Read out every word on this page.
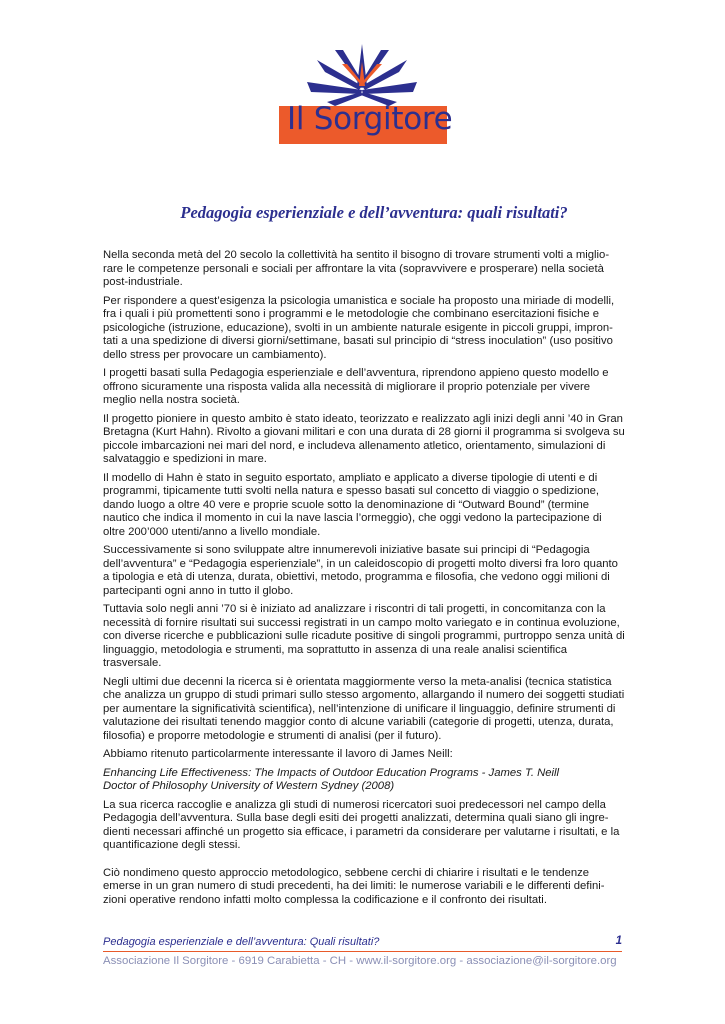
Il Sorgitore
Pedagogia esperienziale e dell’avventura: quali risultati?

Nella seconda metà del 20 secolo la collettività ha sentito il bisogno di trovare strumenti volti a miglio-rare le competenze personali e sociali per affrontare la vita (sopravvivere e prosperare) nella società post-industriale.

Per rispondere a quest’esigenza la psicologia umanistica e sociale ha proposto una miriade di modelli, fra i quali i più promettenti sono i programmi e le metodologie che combinano esercitazioni fisiche e psicologiche (istruzione, educazione), svolti in un ambiente naturale esigente in piccoli gruppi, impron-tati a una spedizione di diversi giorni/settimane, basati sul principio di “stress inoculation” (uso positivo dello stress per provocare un cambiamento).

I progetti basati sulla Pedagogia esperienziale e dell’avventura, riprendono appieno questo modello e offrono sicuramente una risposta valida alla necessità di migliorare il proprio potenziale per vivere meglio nella nostra società.

Il progetto pioniere in questo ambito è stato ideato, teorizzato e realizzato agli inizi degli anni ’40 in Gran Bretagna (Kurt Hahn). Rivolto a giovani militari e con una durata di 28 giorni il programma si svolgeva su piccole imbarcazioni nei mari del nord, e includeva allenamento atletico, orientamento, simulazioni di salvataggio e spedizioni in mare.

Il modello di Hahn è stato in seguito esportato, ampliato e applicato a diverse tipologie di utenti e di programmi, tipicamente tutti svolti nella natura e spesso basati sul concetto di viaggio o spedizione, dando luogo a oltre 40 vere e proprie scuole sotto la denominazione di “Outward Bound” (termine nautico che indica il momento in cui la nave lascia l’ormeggio), che oggi vedono la partecipazione di oltre 200’000 utenti/anno a livello mondiale.

Successivamente si sono sviluppate altre innumerevoli iniziative basate sui principi di “Pedagogia dell’avventura” e “Pedagogia esperienziale”, in un caleidoscopio di progetti molto diversi fra loro quanto a tipologia e età di utenza, durata, obiettivi, metodo, programma e filosofia, che vedono oggi milioni di partecipanti ogni anno in tutto il globo.

Tuttavia solo negli anni ’70 si è iniziato ad analizzare i riscontri di tali progetti, in concomitanza con la necessità di fornire risultati sui successi registrati in un campo molto variegato e in continua evoluzione, con diverse ricerche e pubblicazioni sulle ricadute positive di singoli programmi, purtroppo senza unità di linguaggio, metodologia e strumenti, ma soprattutto in assenza di una reale analisi scientifica trasversale.

Negli ultimi due decenni la ricerca si è orientata maggiormente verso la meta-analisi (tecnica statistica che analizza un gruppo di studi primari sullo stesso argomento, allargando il numero dei soggetti studiati per aumentare la significatività scientifica), nell’intenzione di unificare il linguaggio, definire strumenti di valutazione dei risultati tenendo maggior conto di alcune variabili (categorie di progetti, utenza, durata, filosofia) e proporre metodologie e strumenti di analisi (per il futuro).

Abbiamo ritenuto particolarmente interessante il lavoro di James Neill:

Enhancing Life Effectiveness: The Impacts of Outdoor Education Programs - James T. Neill
Doctor of Philosophy University of Western Sydney (2008)

La sua ricerca raccoglie e analizza gli studi di numerosi ricercatori suoi predecessori nel campo della Pedagogia dell’avventura. Sulla base degli esiti dei progetti analizzati, determina quali siano gli ingre-dienti necessari affinché un progetto sia efficace, i parametri da considerare per valutarne i risultati, e la quantificazione degli stessi.

Ciò nondimeno questo approccio metodologico, sebbene cerchi di chiarire i risultati e le tendenze emerse in un gran numero di studi precedenti, ha dei limiti: le numerose variabili e le differenti defini-zioni operative rendono infatti molto complessa la codificazione e il confronto dei risultati.

Pedagogia esperienziale e dell’avventura: Quali risultati?	1
Associazione Il Sorgitore - 6919 Carabietta - CH - www.il-sorgitore.org - associazione@il-sorgitore.org
